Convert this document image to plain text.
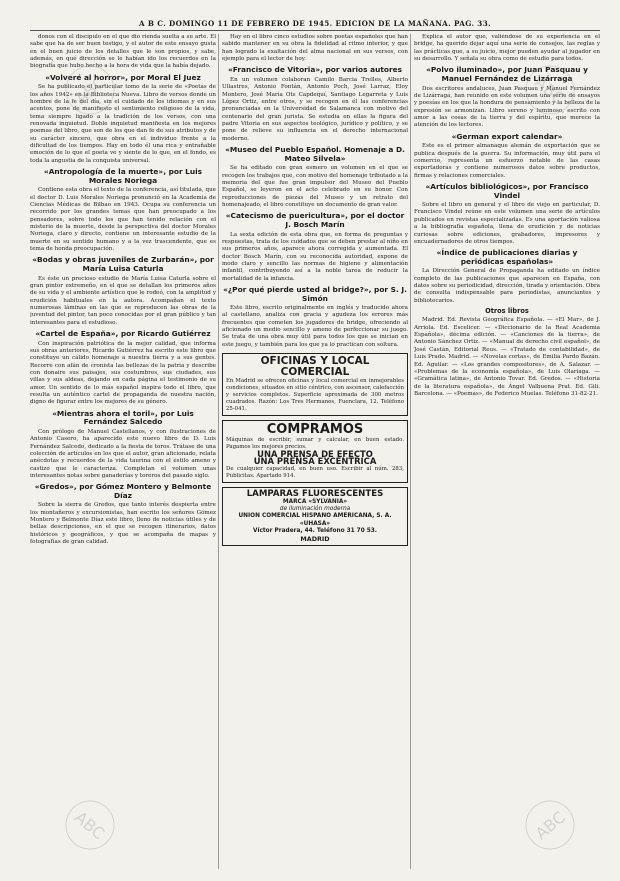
A B C. DOMINGO 11 DE FEBRERO DE 1945. EDICION DE LA MAÑANA. PAG. 33.

donos con el discípulo en el que dio rienda suelta a su arte. Él sabe que ha de ser buen testigo, y el autor de este ensayo gusta en el buen juicio de los detalles que le son propios, y sabe, además, en qué dirección se le habían ido los recuerdos en la biografía que hubo hecho a la hora de vida que la había dejado.

«Volveré al horror», por Moral El Juez

Se ha publicado el particular tomo de la serie de «Poetas de los años 1942» en la Biblioteca Nueva. Libro de versos donde un hombre de la fe del día, sin el cuidado de los idiomas y en sus acentos, pone de manifiesto el sentimiento religioso de la vida, tema siempre ligado a la tradición de los versos, con una renovada inquietud. Doble inquietud manifiesta en los mejores poemas del libro, que son de los que dan fe de sus atributos y de su carácter sincero, que obra en el individuo frente a la dificultad de los tiempos. Hay en todo él una rica y entrañable emoción de lo que el poeta ve y siente de lo que, en el fondo, es toda la angustia de la conquista universal.

«Antropología de la muerte», por Luis Morales Noriega

Contiene esta obra el texto de la conferencia, así titulada, que el doctor D. Luis Morales Noriega pronunció en la Academia de Ciencias Médicas de Bilbao en 1943. Ocupa su conferencia un recorrido por los grandes temas que han preocupado a los pensadores, sobre todo los que han tenido relación con el misterio de la muerte, desde la perspectiva del doctor Morales Noriega, claro y directo, contiene un interesante estudio de la muerte en su sentido humano y a la vez trascendente, que es tema de honda preocupación.

«Bodas y obras juveniles de Zurbarán», por María Luisa Caturla

Es éste un precioso estudio de María Luisa Caturla sobre el gran pintor extremeño, en el que se detallan los primeros años de su vida y el ambiente artístico que le rodeó, con la amplitud y erudición habituales en la autora. Acompañan el texto numerosas láminas en las que se reproducen las obras de la juventud del pintor, tan poco conocidas por el gran público y tan interesantes para el estudioso.

«Cartel de España», por Ricardo Gutiérrez

Con inspiración patriótica de la mejor calidad, que informa sus obras anteriores, Ricardo Gutiérrez ha escrito este libro que constituye un cálido homenaje a nuestra tierra y a sus gentes. Recorre con afán de cronista las bellezas de la patria y describe con donaire sus paisajes, sus costumbres, sus ciudades, sus villas y sus aldeas, dejando en cada página el testimonio de su amor. Un sentido de lo más español inspira todo el libro, que resulta un auténtico cartel de propaganda de nuestra nación, digno de figurar entre los mejores de su género.

«Mientras ahora el toril», por Luis Fernández Salcedo

Con prólogo de Manuel Castellanos, y con ilustraciones de Antonio Casero, ha aparecido este nuevo libro de D. Luis Fernández Salcedo, dedicado a la fiesta de toros. Trátase de una colección de artículos en los que el autor, gran aficionado, relata anécdotas y recuerdos de la vida taurina con el estilo ameno y castizo que le caracteriza. Completan el volumen unas interesantes notas sobre ganaderías y toreros del pasado siglo.

«Gredos», por Gómez Montero y Belmonte Díaz

Sobre la sierra de Gredos, que tanto interés despierta entre los montañeros y excursionistas, han escrito los señores Gómez Montero y Belmonte Díaz este libro, lleno de noticias útiles y de bellas descripciones, en el que se recogen itinerarios, datos históricos y geográficos, y que se acompaña de mapas y fotografías de gran calidad.

Hay en el libro cinco estudios sobre poetas españoles que han sabido mantener en su obra la fidelidad al ritmo interior, y que han logrado la exaltación del alma nacional en sus versos, con ejemplo para el lector de hoy.

«Francisco de Vitoria», por varios autores

En un volumen colaboran Camilo Barcia Trelles, Alberto Ullastres, Antonio Fontán, Antonio Poch, José Larraz, Eloy Montero, José María Ots Capdequí, Santiago Legarreta y Luis López Ortiz, entre otros, y se recogen en él las conferencias pronunciadas en la Universidad de Salamanca con motivo del centenario del gran jurista. Se estudia en ellas la figura del padre Vitoria en sus aspectos teológico, jurídico y político, y se pone de relieve su influencia en el derecho internacional moderno.

«Museo del Pueblo Español. Homenaje a D. Mateo Silvela»

Se ha editado con gran esmero un volumen en el que se recogen los trabajos que, con motivo del homenaje tributado a la memoria del que fue gran impulsor del Museo del Pueblo Español, se leyeron en el acto celebrado en su honor. Con reproducciones de piezas del Museo y un retrato del homenajeado, el libro constituye un documento de gran valor.

«Catecismo de puericultura», por el doctor J. Bosch Marín

La sexta edición de esta obra que, en forma de preguntas y respuestas, trata de los cuidados que se deben prestar al niño en sus primeros años, aparece ahora corregida y aumentada. El doctor Bosch Marín, con su reconocida autoridad, expone de modo claro y sencillo las normas de higiene y alimentación infantil, contribuyendo así a la noble tarea de reducir la mortalidad de la infancia.

«¿Por qué pierde usted al bridge?», por S. J. Simón

Este libro, escrito originalmente en inglés y traducido ahora al castellano, analiza con gracia y agudeza los errores más frecuentes que cometen los jugadores de bridge, ofreciendo al aficionado un medio sencillo y ameno de perfeccionar su juego. Se trata de una obra muy útil para todos los que se inician en este juego, y también para los que ya lo practican con soltura.

OFICINAS Y LOCAL COMERCIAL
En Madrid se ofrecen oficinas y local comercial en inmejorables condiciones, situados en sitio céntrico, con ascensor, calefacción y servicios completos. Superficie aproximada de 300 metros cuadrados. Razón: Los Tres Hermanos, Fuenclara, 12. Teléfono 25-041.
COMPRAMOS
Máquinas de escribir, sumar y calcular, en buen estado. Pagamos los mejores precios.
UNA PRENSA DE EFECTO
UNA PRENSA EXCENTRICA
De cualquier capacidad, en buen uso. Escribir al núm. 283, Publicitas. Apartado 914.
LAMPARAS FLUORESCENTES
MARCA «SYLVANIA»
de iluminación moderna
UNION COMERCIAL HISPANO AMERICANA, S. A. «UHASA»
Víctor Pradera, 44. Teléfono 31 70 53.
MADRID

Explica el autor que, valiéndose de su experiencia en el bridge, ha querido dejar aquí una serie de consejos, las reglas y las prácticas que, a su juicio, mejor pueden ayudar al jugador en su desarrollo. Y señala su obra como de estudio para todos.

«Polvo iluminado», por Juan Pasquau y Manuel Fernández de Lizárraga

Dos escritores andaluces, Juan Pasquau y Manuel Fernández de Lizárraga, han reunido en este volumen una serie de ensayos y poesías en los que la hondura de pensamiento y la belleza de la expresión se armonizan. Libro sereno y luminoso, escrito con amor a las cosas de la tierra y del espíritu, que merece la atención de los lectores.

«German export calendar»

Este es el primer almanaque alemán de exportación que se publica después de la guerra. Su información, muy útil para el comercio, representa un esfuerzo notable de las casas exportadoras y contiene numerosos datos sobre productos, firmas y relaciones comerciales.

«Artículos bibliológicos», por Francisco Vindel

Sobre el libro en general y el libro de viejo en particular, D. Francisco Vindel reúne en este volumen una serie de artículos publicados en revistas especializadas. Es una aportación valiosa a la bibliografía española, llena de erudición y de noticias curiosas sobre ediciones, grabadores, impresores y encuadernadores de otros tiempos.

«Índice de publicaciones diarias y periódicas españolas»

La Dirección General de Propaganda ha editado un índice completo de las publicaciones que aparecen en España, con datos sobre su periodicidad, dirección, tirada y orientación. Obra de consulta indispensable para periodistas, anunciantes y bibliotecarios.

Otros libros

Madrid. Ed. Revista Geográfica Española. — «El Mar», de J. Arriola. Ed. Escelicer. — «Diccionario de la Real Academia Española», décima edición. — «Canciones de la tierra», de Antonio Sánchez Ortiz. — «Manual de derecho civil español», de José Castán, Editorial Reus. — «Tratado de contabilidad», de Luis Prado. Madrid. — «Novelas cortas», de Emilia Pardo Bazán. Ed. Aguilar. — «Los grandes compositores», de A. Salazar. — «Problemas de la economía española», de Luis Olariaga. — «Gramática latina», de Antonio Tovar. Ed. Gredos. — «Historia de la literatura española», de Ángel Valbuena Prat. Ed. Gili. Barcelona. — «Poemas», de Federico Muelas. Teléfono 31-82-21.

ABC	ABC
ABC	ABC
